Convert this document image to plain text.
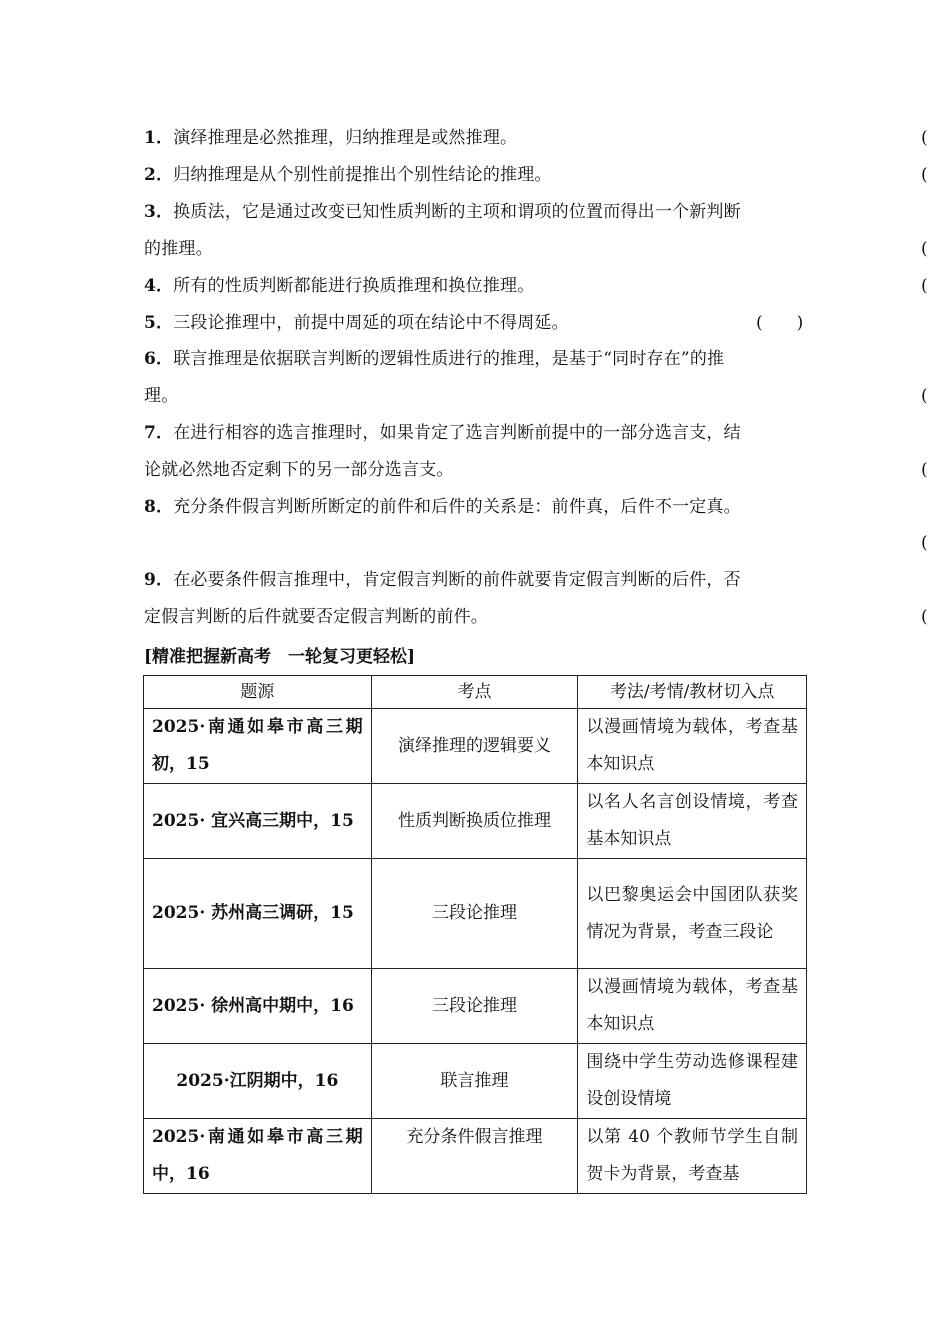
1．演绎推理是必然推理，归纳推理是或然推理。	(
2．归纳推理是从个别性前提推出个别性结论的推理。	(
3．换质法，它是通过改变已知性质判断的主项和谓项的位置而得出一个新判断
的推理。	(
4．所有的性质判断都能进行换质推理和换位推理。	(
5．三段论推理中，前提中周延的项在结论中不得周延。	(　　)
6．联言推理是依据联言判断的逻辑性质进行的推理，是基于“同时存在”的推
理。	(
7．在进行相容的选言推理时，如果肯定了选言判断前提中的一部分选言支，结
论就必然地否定剩下的另一部分选言支。	(
8．充分条件假言判断所断定的前件和后件的关系是：前件真，后件不一定真。
(
9．在必要条件假言推理中，肯定假言判断的前件就要肯定假言判断的后件，否
定假言判断的后件就要否定假言判断的前件。	(
[精准把握新高考　一轮复习更轻松]
题源	考点	考法/考情/教材切入点
2025·南通如皋市高三期初，15	演绎推理的逻辑要义	以漫画情境为载体，考查基本知识点
2025· 宜兴高三期中，15	性质判断换质位推理	以名人名言创设情境，考查基本知识点
2025· 苏州高三调研，15	三段论推理	以巴黎奥运会中国团队获奖情况为背景，考查三段论
2025· 徐州高中期中，16	三段论推理	以漫画情境为载体，考查基本知识点
2025·江阴期中，16	联言推理	围绕中学生劳动选修课程建设创设情境
2025·南通如皋市高三期中，16	充分条件假言推理	以第 40 个教师节学生自制贺卡为背景，考查基
